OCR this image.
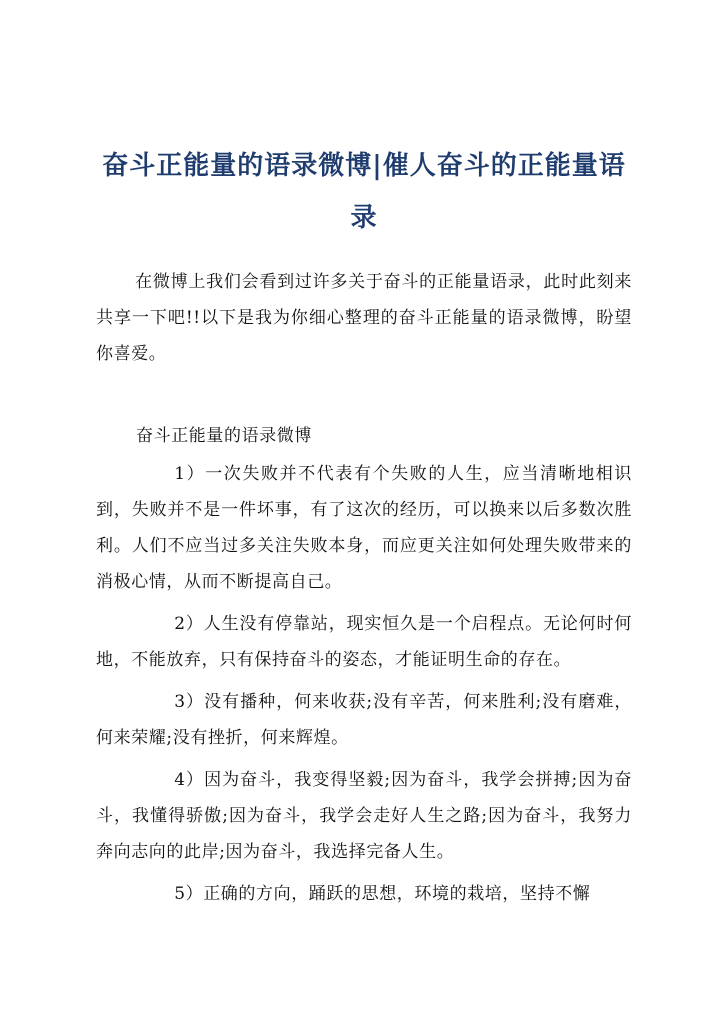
奋斗正能量的语录微博|催人奋斗的正能量语录

在微博上我们会看到过许多关于奋斗的正能量语录，此时此刻来共享一下吧!!以下是我为你细心整理的奋斗正能量的语录微博，盼望你喜爱。

奋斗正能量的语录微博

1）一次失败并不代表有个失败的人生，应当清晰地相识到，失败并不是一件坏事，有了这次的经历，可以换来以后多数次胜利。人们不应当过多关注失败本身，而应更关注如何处理失败带来的消极心情，从而不断提高自己。
2）人生没有停靠站，现实恒久是一个启程点。无论何时何地，不能放弃，只有保持奋斗的姿态，才能证明生命的存在。
3）没有播种，何来收获;没有辛苦，何来胜利;没有磨难，何来荣耀;没有挫折，何来辉煌。
4）因为奋斗，我变得坚毅;因为奋斗，我学会拼搏;因为奋斗，我懂得骄傲;因为奋斗，我学会走好人生之路;因为奋斗，我努力奔向志向的此岸;因为奋斗，我选择完备人生。
5）正确的方向，踊跃的思想，环境的栽培，坚持不懈
